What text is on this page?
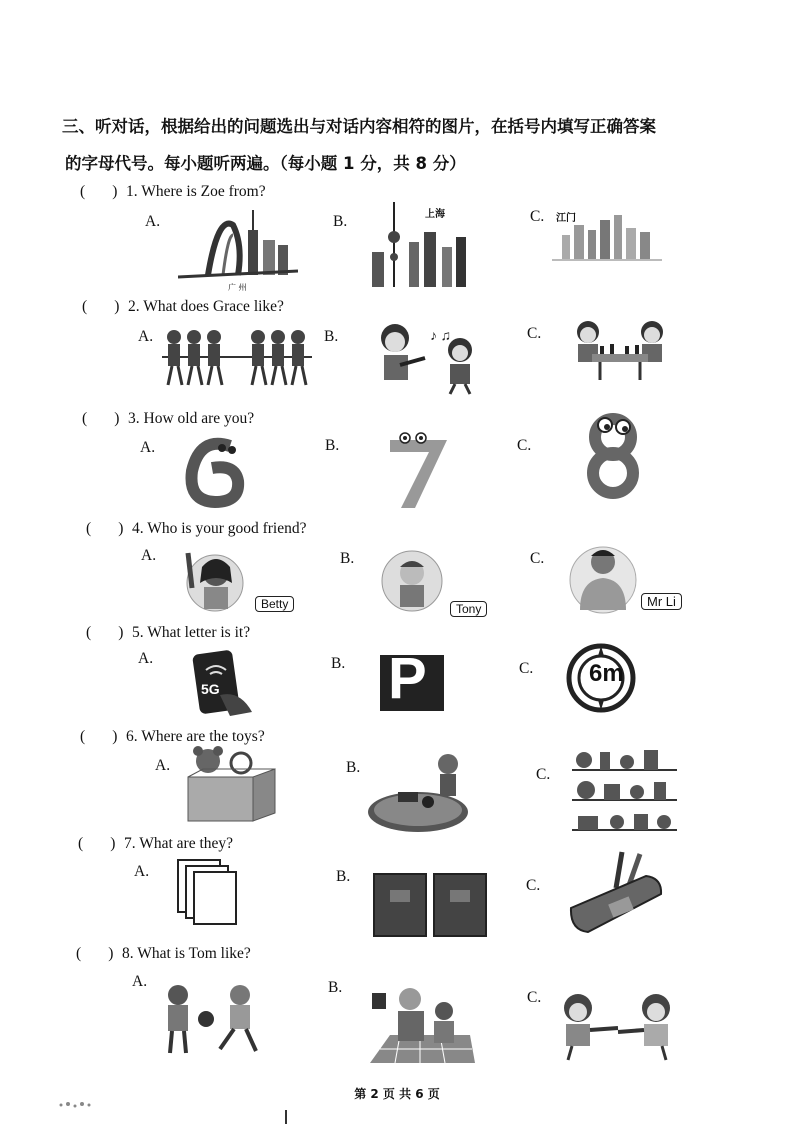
三、听对话，根据给出的问题选出与对话内容相符的图片，在括号内填写正确答案
的字母代号。每小题听两遍。（每小题 1 分，共 8 分）
(       ) 1. Where is Zoe from?
A.	B.	C.
广 州
上海	江门
(       ) 2. What does Grace like?
A.	B.	C.
♪ ♫
(       ) 3. How old are you?
A.	B.	C.
(       ) 4. Who is your good friend?
A.	B.	C.
Betty	Tony	Mr Li
(       ) 5. What letter is it?
A.	B.	C.
5G	P	6m
(       ) 6. Where are the toys?
A.	B.	C.
(       ) 7. What are they?
A.	B.
C.
(       ) 8. What is Tom like?
A.	B.
C.
第 2 页 共 6 页
